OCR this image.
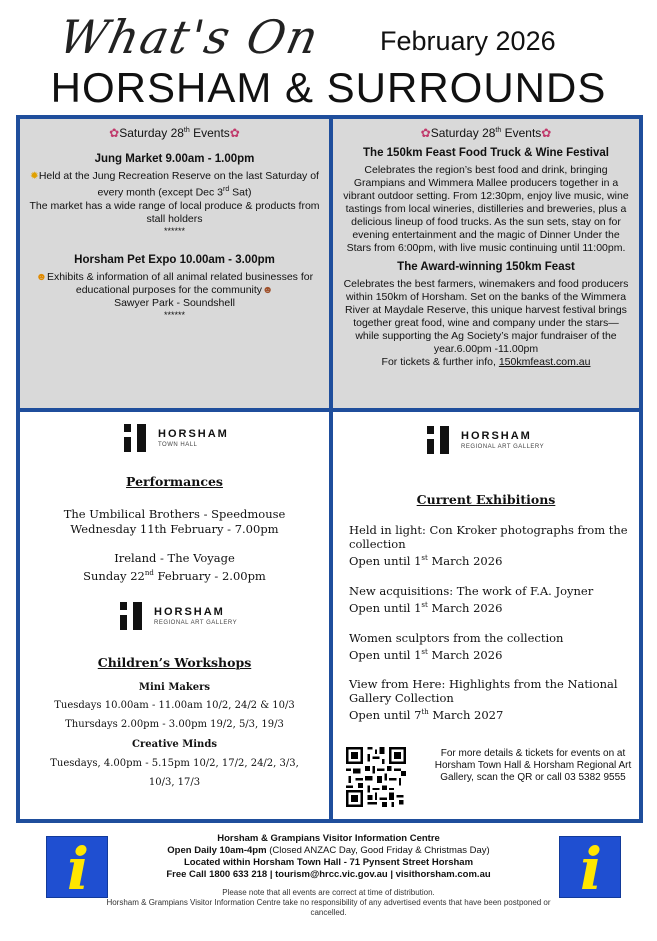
What's On February 2026
HORSHAM & SURROUNDS
✿Saturday 28th Events✿
Jung Market 9.00am - 1.00pm
✹Held at the Jung Recreation Reserve on the last Saturday of every month (except Dec 3rd Sat)
The market has a wide range of local produce & products from stall holders
******
Horsham Pet Expo 10.00am - 3.00pm
☻Exhibits & information of all animal related businesses for educational purposes for the community☻
Sawyer Park - Soundshell
******
✿Saturday 28th Events✿
The 150km Feast Food Truck & Wine Festival
Celebrates the region’s best food and drink, bringing Grampians and Wimmera Mallee producers together in a vibrant outdoor setting. From 12:30pm, enjoy live music, wine tastings from local wineries, distilleries and breweries, plus a delicious lineup of food trucks. As the sun sets, stay on for evening entertainment and the magic of Dinner Under the Stars from 6:00pm, with live music continuing until 11:00pm.
The Award-winning 150km Feast
Celebrates the best farmers, winemakers and food producers within 150km of Horsham. Set on the banks of the Wimmera River at Maydale Reserve, this unique harvest festival brings together great food, wine and company under the stars—while supporting the Ag Society’s major fundraiser of the year.6.00pm -11.00pm
For tickets & further info, 150kmfeast.com.au
HORSHAM
TOWN HALL
Performances
The Umbilical Brothers - Speedmouse
Wednesday 11th February - 7.00pm
Ireland - The Voyage
Sunday 22nd February - 2.00pm
HORSHAM
REGIONAL ART GALLERY
Children’s Workshops
Mini Makers
Tuesdays 10.00am - 11.00am 10/2, 24/2 & 10/3
Thursdays 2.00pm - 3.00pm 19/2, 5/3, 19/3
Creative Minds
Tuesdays, 4.00pm - 5.15pm 10/2, 17/2, 24/2, 3/3,
10/3, 17/3
HORSHAM
REGIONAL ART GALLERY
Current Exhibitions
Held in light: Con Kroker photographs from the collection
Open until 1st March 2026
New acquisitions: The work of F.A. Joyner
Open until 1st March 2026
Women sculptors from the collection
Open until 1st March 2026
View from Here: Highlights from the National Gallery Collection
Open until 7th March 2027
For more details & tickets for events on at Horsham Town Hall & Horsham Regional Art Gallery, scan the QR or call 03 5382 9555
i	i
Horsham & Grampians Visitor Information Centre
Open Daily 10am-4pm (Closed ANZAC Day, Good Friday & Christmas Day)
Located within Horsham Town Hall - 71 Pynsent Street Horsham
Free Call 1800 633 218 | tourism@hrcc.vic.gov.au | visithorsham.com.au
Please note that all events are correct at time of distribution.
Horsham & Grampians Visitor Information Centre take no responsibility of any advertised events that have been postponed or cancelled.
